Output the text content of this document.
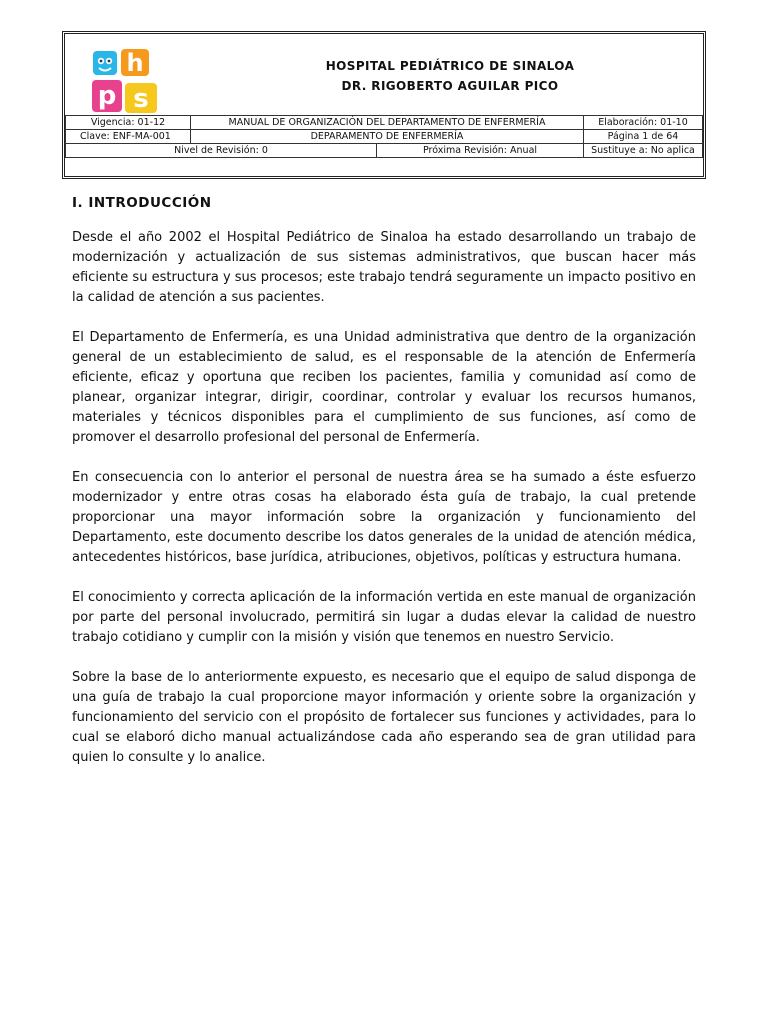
h
p s
HOSPITAL PEDIÁTRICO DE SINALOA
DR. RIGOBERTO AGUILAR PICO
Vigencia: 01-12	MANUAL DE ORGANIZACIÓN DEL DEPARTAMENTO DE ENFERMERÍA		Elaboración: 01-10
Clave: ENF-MA-001	DEPARAMENTO DE ENFERMERÍA		Página 1 de 64
Nivel de Revisión: 0		Próxima Revisión: Anual	Sustituye a: No aplica
I. INTRODUCCIÓN

Desde el año 2002 el Hospital Pediátrico de Sinaloa ha estado desarrollando un trabajo de modernización y actualización de sus sistemas administrativos, que buscan hacer más eficiente su estructura y sus procesos; este trabajo tendrá seguramente un impacto positivo en la calidad de atención a sus pacientes.

El Departamento de Enfermería, es una Unidad administrativa que dentro de la organización general de un establecimiento de salud, es el responsable de la atención de Enfermería eficiente, eficaz y oportuna que reciben los pacientes, familia y comunidad así como de planear, organizar integrar, dirigir, coordinar, controlar y evaluar los recursos humanos, materiales y técnicos disponibles para el cumplimiento de sus funciones, así como de promover el desarrollo profesional del personal de Enfermería.

En consecuencia con lo anterior el personal de nuestra área se ha sumado a éste esfuerzo modernizador y entre otras cosas ha elaborado ésta guía de trabajo, la cual pretende proporcionar una mayor información sobre la organización y funcionamiento del Departamento, este documento describe los datos generales de la unidad de atención médica, antecedentes históricos, base jurídica, atribuciones, objetivos, políticas y estructura humana.

El conocimiento y correcta aplicación de la información vertida en este manual de organización por parte del personal involucrado, permitirá sin lugar a dudas elevar la calidad de nuestro trabajo cotidiano y cumplir con la misión y visión que tenemos en nuestro Servicio.

Sobre la base de lo anteriormente expuesto, es necesario que el equipo de salud disponga de una guía de trabajo la cual proporcione mayor información y oriente sobre la organización y funcionamiento del servicio con el propósito de fortalecer sus funciones y actividades, para lo cual se elaboró dicho manual actualizándose cada año esperando sea de gran utilidad para quien lo consulte y lo analice.
